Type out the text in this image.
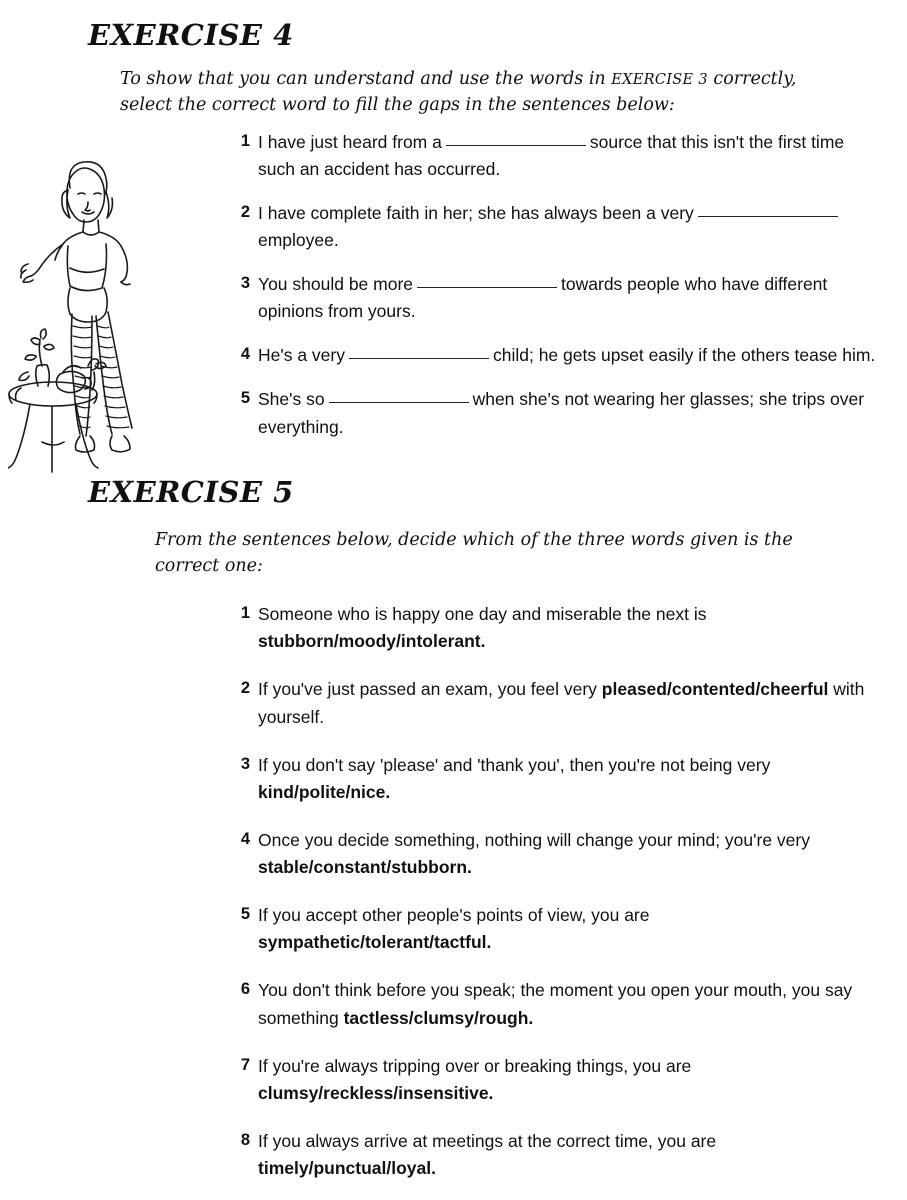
EXERCISE 4

To show that you can understand and use the words in EXERCISE 3 correctly, select the correct word to fill the gaps in the sentences below:

1 I have just heard from a	source that this isn't the first time such an accident has occurred.
2 I have complete faith in her; she has always been a veryemployee.
3 You should be more	towards people who have different opinions from yours.
4 He's a very	child; he gets upset easily if the others tease him.
5 She's so	when she's not wearing her glasses; she trips over everything.
EXERCISE 5

From the sentences below, decide which of the three words given is the correct one:

1 Someone who is happy one day and miserable the next is stubborn/moody/intolerant.
2 If you've just passed an exam, you feel very pleased/contented/cheerful with yourself.
3 If you don't say 'please' and 'thank you', then you're not being very kind/polite/nice.
4 Once you decide something, nothing will change your mind; you're very stable/constant/stubborn.
5 If you accept other people's points of view, you are sympathetic/tolerant/tactful.
6 You don't think before you speak; the moment you open your mouth, you say something tactless/clumsy/rough.
7 If you're always tripping over or breaking things, you are clumsy/reckless/insensitive.
8 If you always arrive at meetings at the correct time, you are timely/punctual/loyal.
